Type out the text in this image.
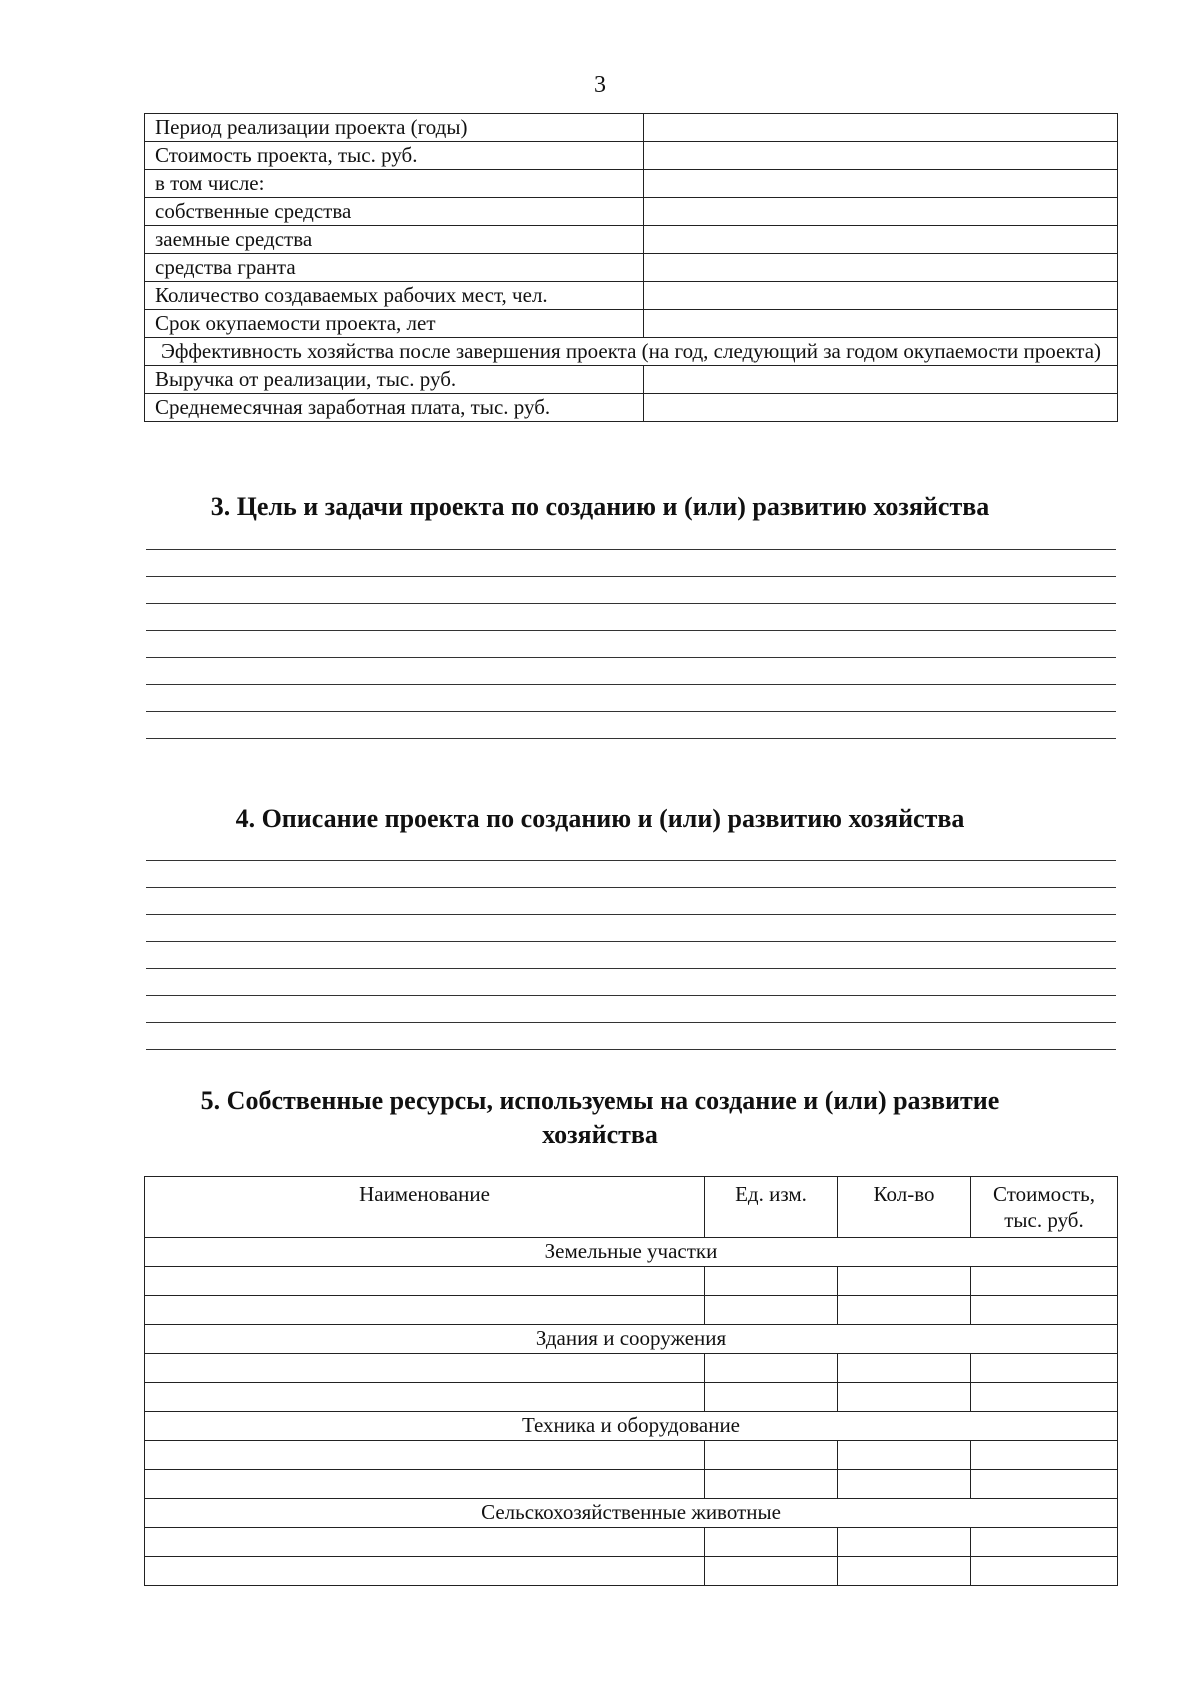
3
Период реализации проекта (годы)	
Стоимость проекта, тыс. руб.	
в том числе:	
собственные средства	
заемные средства	
средства гранта	
Количество создаваемых рабочих мест, чел.	
Срок окупаемости проекта, лет	
Эффективность хозяйства после завершения проекта (на год, следующий за годом окупаемости проекта)	
Выручка от реализации, тыс. руб.	
Среднемесячная заработная плата, тыс. руб.	
3. Цель и задачи проекта по созданию и (или) развитию хозяйства
4. Описание проекта по созданию и (или) развитию хозяйства
5. Собственные ресурсы, используемы на создание и (или) развитие хозяйства
Наименование	Ед. изм.	Кол-во	Стоимость, тыс. руб.
Земельные участки			

Здания и сооружения			

Техника и оборудование			

Сельскохозяйственные животные			
